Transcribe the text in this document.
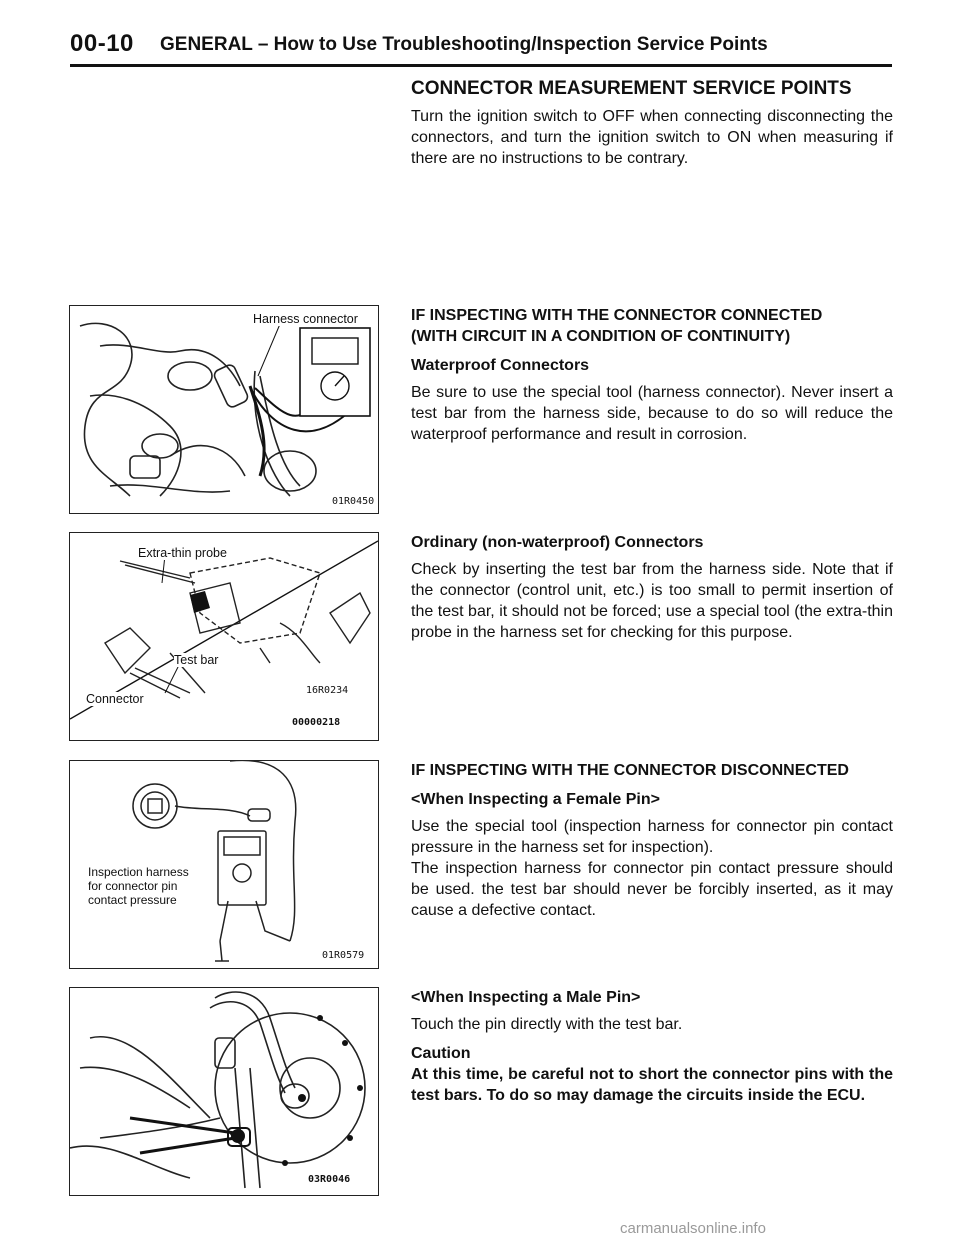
00-10 GENERAL – How to Use Troubleshooting/Inspection Service Points
CONNECTOR MEASUREMENT SERVICE POINTS

Turn the ignition switch to OFF when connecting disconnecting the connectors, and turn the ignition switch to ON when measuring if there are no instructions to be contrary.

IF INSPECTING WITH THE CONNECTOR CONNECTED
(WITH CIRCUIT IN A CONDITION OF CONTINUITY)
Waterproof Connectors

Be sure to use the special tool (harness connector). Never insert a test bar from the harness side, because to do so will reduce the waterproof performance and result in corrosion.

Ordinary (non-waterproof) Connectors

Check by inserting the test bar from the harness side. Note that if the connector (control unit, etc.) is too small to permit insertion of the test bar, it should not be forced; use a special tool (the extra-thin probe in the harness set for checking for this purpose.

IF INSPECTING WITH THE CONNECTOR DISCONNECTED
<When Inspecting a Female Pin>

Use the special tool (inspection harness for connector pin contact pressure in the harness set for inspection).

The inspection harness for connector pin contact pressure should be used. the test bar should never be forcibly inserted, as it may cause a defective contact.

<When Inspecting a Male Pin>

Touch the pin directly with the test bar.

Caution

At this time, be careful not to short the connector pins with the test bars. To do so may damage the circuits inside the ECU.

Harness connector
01R0450
Extra-thin probe
Test bar
Connector
16R0234
00000218
Inspection harness
for connector pin
contact pressure
01R0579
03R0046
carmanualsonline.info
